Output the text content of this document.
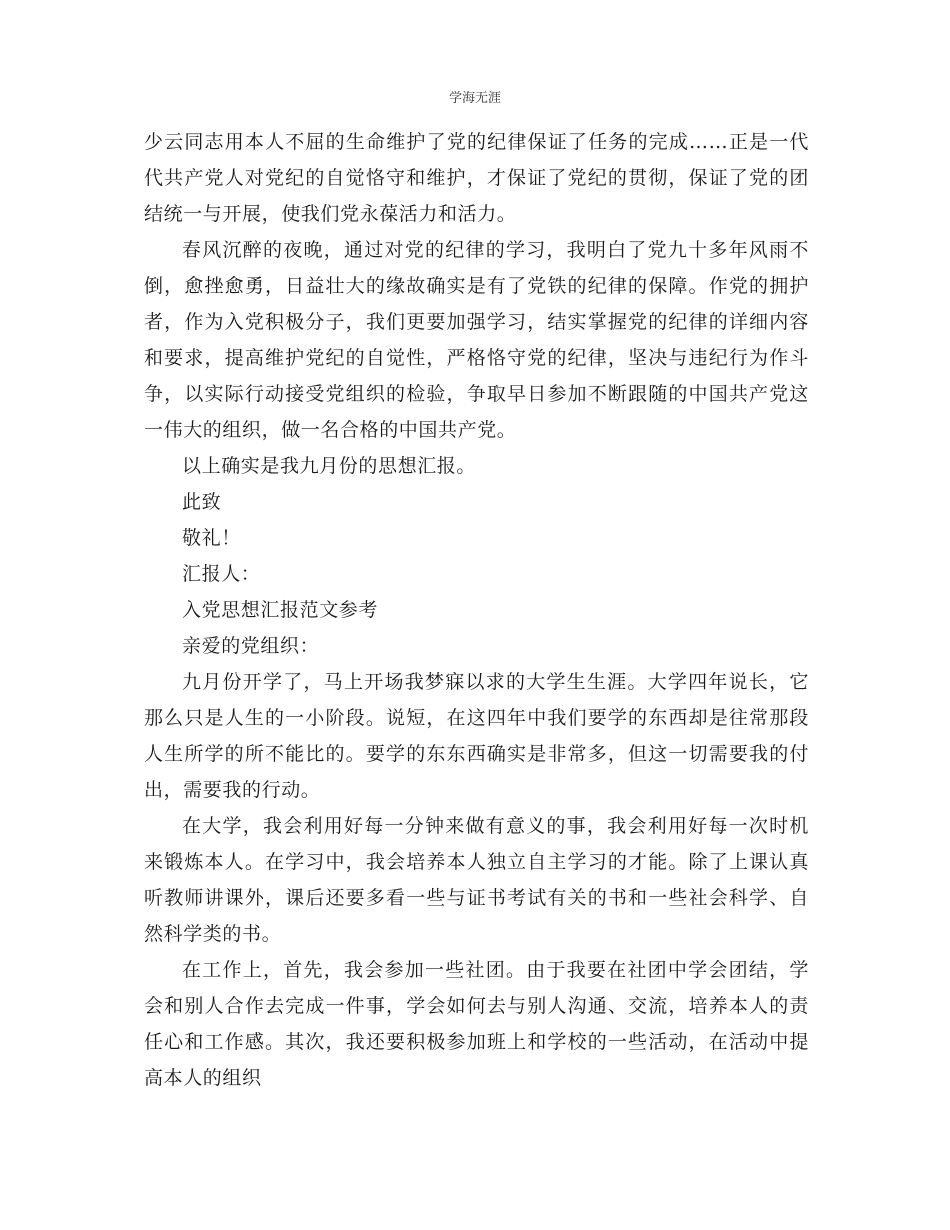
学海无涯

少云同志用本人不屈的生命维护了党的纪律保证了任务的完成……正是一代代共产党人对党纪的自觉恪守和维护，才保证了党纪的贯彻，保证了党的团结统一与开展，使我们党永葆活力和活力。

春风沉醉的夜晚，通过对党的纪律的学习，我明白了党九十多年风雨不倒，愈挫愈勇，日益壮大的缘故确实是有了党铁的纪律的保障。作党的拥护者，作为入党积极分子，我们更要加强学习，结实掌握党的纪律的详细内容和要求，提高维护党纪的自觉性，严格恪守党的纪律，坚决与违纪行为作斗争，以实际行动接受党组织的检验，争取早日参加不断跟随的中国共产党这一伟大的组织，做一名合格的中国共产党。

以上确实是我九月份的思想汇报。

此致

敬礼！

汇报人：

入党思想汇报范文参考

亲爱的党组织：

九月份开学了，马上开场我梦寐以求的大学生生涯。大学四年说长，它那么只是人生的一小阶段。说短，在这四年中我们要学的东西却是往常那段人生所学的所不能比的。要学的东东西确实是非常多，但这一切需要我的付出，需要我的行动。

在大学，我会利用好每一分钟来做有意义的事，我会利用好每一次时机来锻炼本人。在学习中，我会培养本人独立自主学习的才能。除了上课认真听教师讲课外，课后还要多看一些与证书考试有关的书和一些社会科学、自然科学类的书。

在工作上，首先，我会参加一些社团。由于我要在社团中学会团结，学会和别人合作去完成一件事，学会如何去与别人沟通、交流，培养本人的责任心和工作感。其次，我还要积极参加班上和学校的一些活动，在活动中提高本人的组织
